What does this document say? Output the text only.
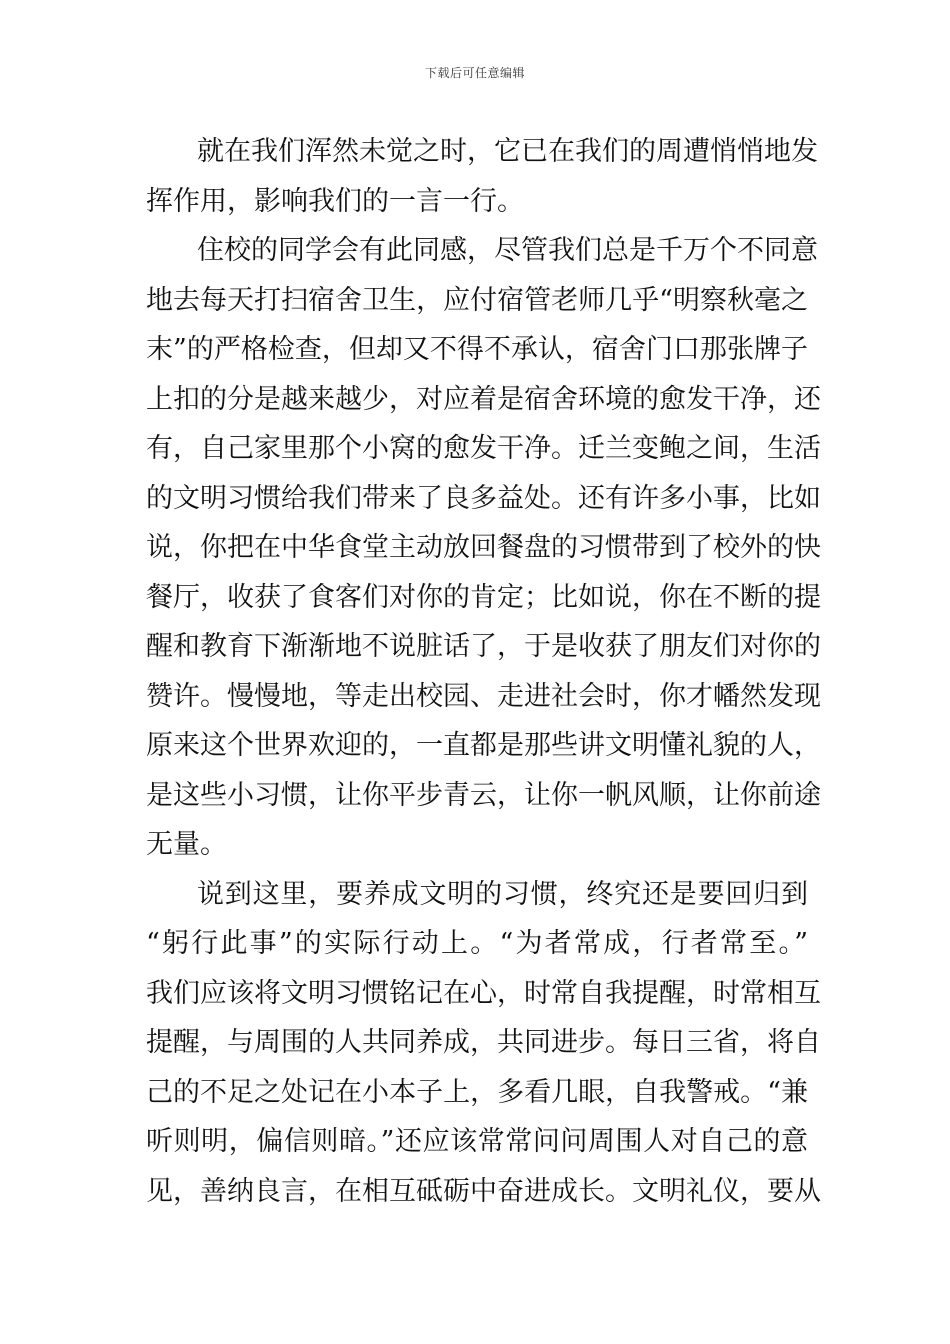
下载后可任意编辑
就在我们浑然未觉之时，它已在我们的周遭悄悄地发
挥作用，影响我们的一言一行。
住校的同学会有此同感，尽管我们总是千万个不同意
地去每天打扫宿舍卫生，应付宿管老师几乎“明察秋毫之
末”的严格检查，但却又不得不承认，宿舍门口那张牌子
上扣的分是越来越少，对应着是宿舍环境的愈发干净，还
有，自己家里那个小窝的愈发干净。迁兰变鲍之间，生活
的文明习惯给我们带来了良多益处。还有许多小事，比如
说，你把在中华食堂主动放回餐盘的习惯带到了校外的快
餐厅，收获了食客们对你的肯定；比如说，你在不断的提
醒和教育下渐渐地不说脏话了，于是收获了朋友们对你的
赞许。慢慢地，等走出校园、走进社会时，你才幡然发现
原来这个世界欢迎的，一直都是那些讲文明懂礼貌的人，
是这些小习惯，让你平步青云，让你一帆风顺，让你前途
无量。
说到这里，要养成文明的习惯，终究还是要回归到
“躬行此事”的实际行动上。“为者常成，行者常至。”
我们应该将文明习惯铭记在心，时常自我提醒，时常相互
提醒，与周围的人共同养成，共同进步。每日三省，将自
己的不足之处记在小本子上，多看几眼，自我警戒。“兼
听则明，偏信则暗。”还应该常常问问周围人对自己的意
见，善纳良言，在相互砥砺中奋进成长。文明礼仪，要从
